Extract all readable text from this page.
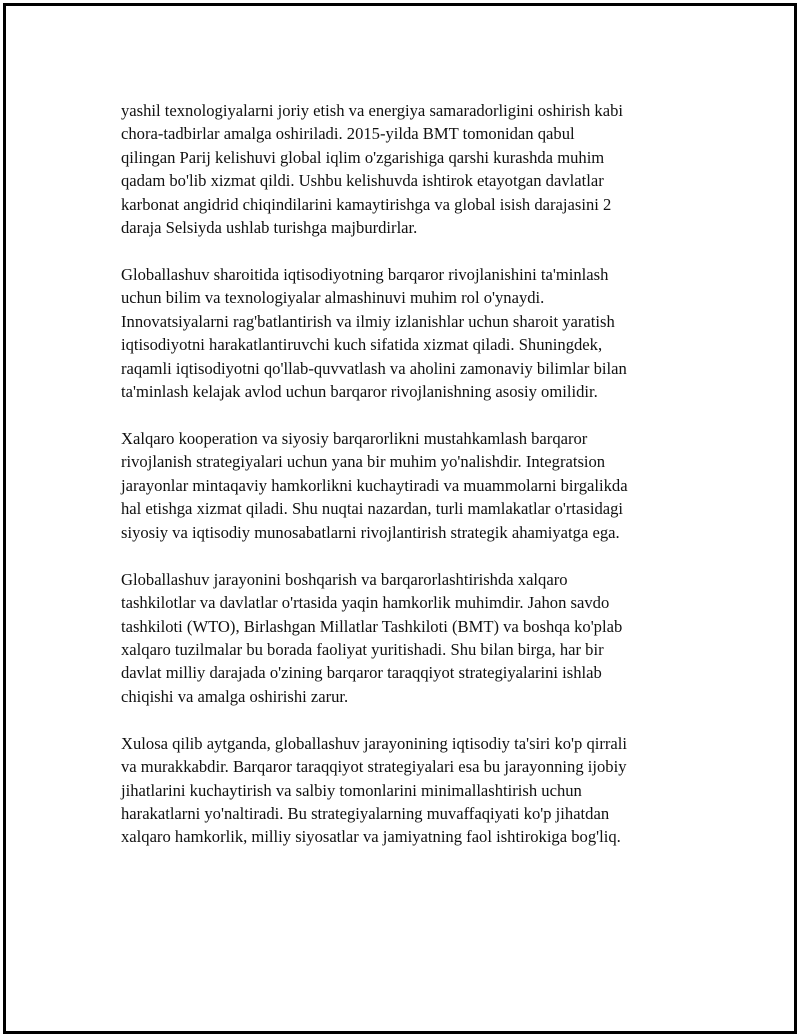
yashil texnologiyalarni joriy etish va energiya samaradorligini oshirish kabi
chora-tadbirlar amalga oshiriladi. 2015-yilda BMT tomonidan qabul
qilingan Parij kelishuvi global iqlim o'zgarishiga qarshi kurashda muhim
qadam bo'lib xizmat qildi. Ushbu kelishuvda ishtirok etayotgan davlatlar
karbonat angidrid chiqindilarini kamaytirishga va global isish darajasini 2
daraja Selsiyda ushlab turishga majburdirlar.

Globallashuv sharoitida iqtisodiyotning barqaror rivojlanishini ta'minlash
uchun bilim va texnologiyalar almashinuvi muhim rol o'ynaydi.
Innovatsiyalarni rag'batlantirish va ilmiy izlanishlar uchun sharoit yaratish
iqtisodiyotni harakatlantiruvchi kuch sifatida xizmat qiladi. Shuningdek,
raqamli iqtisodiyotni qo'llab-quvvatlash va aholini zamonaviy bilimlar bilan
ta'minlash kelajak avlod uchun barqaror rivojlanishning asosiy omilidir.

Xalqaro kooperation va siyosiy barqarorlikni mustahkamlash barqaror
rivojlanish strategiyalari uchun yana bir muhim yo'nalishdir. Integratsion
jarayonlar mintaqaviy hamkorlikni kuchaytiradi va muammolarni birgalikda
hal etishga xizmat qiladi. Shu nuqtai nazardan, turli mamlakatlar o'rtasidagi
siyosiy va iqtisodiy munosabatlarni rivojlantirish strategik ahamiyatga ega.

Globallashuv jarayonini boshqarish va barqarorlashtirishda xalqaro
tashkilotlar va davlatlar o'rtasida yaqin hamkorlik muhimdir. Jahon savdo
tashkiloti (WTO), Birlashgan Millatlar Tashkiloti (BMT) va boshqa ko'plab
xalqaro tuzilmalar bu borada faoliyat yuritishadi. Shu bilan birga, har bir
davlat milliy darajada o'zining barqaror taraqqiyot strategiyalarini ishlab
chiqishi va amalga oshirishi zarur.

Xulosa qilib aytganda, globallashuv jarayonining iqtisodiy ta'siri ko'p qirrali
va murakkabdir. Barqaror taraqqiyot strategiyalari esa bu jarayonning ijobiy
jihatlarini kuchaytirish va salbiy tomonlarini minimallashtirish uchun
harakatlarni yo'naltiradi. Bu strategiyalarning muvaffaqiyati ko'p jihatdan
xalqaro hamkorlik, milliy siyosatlar va jamiyatning faol ishtirokiga bog'liq.
